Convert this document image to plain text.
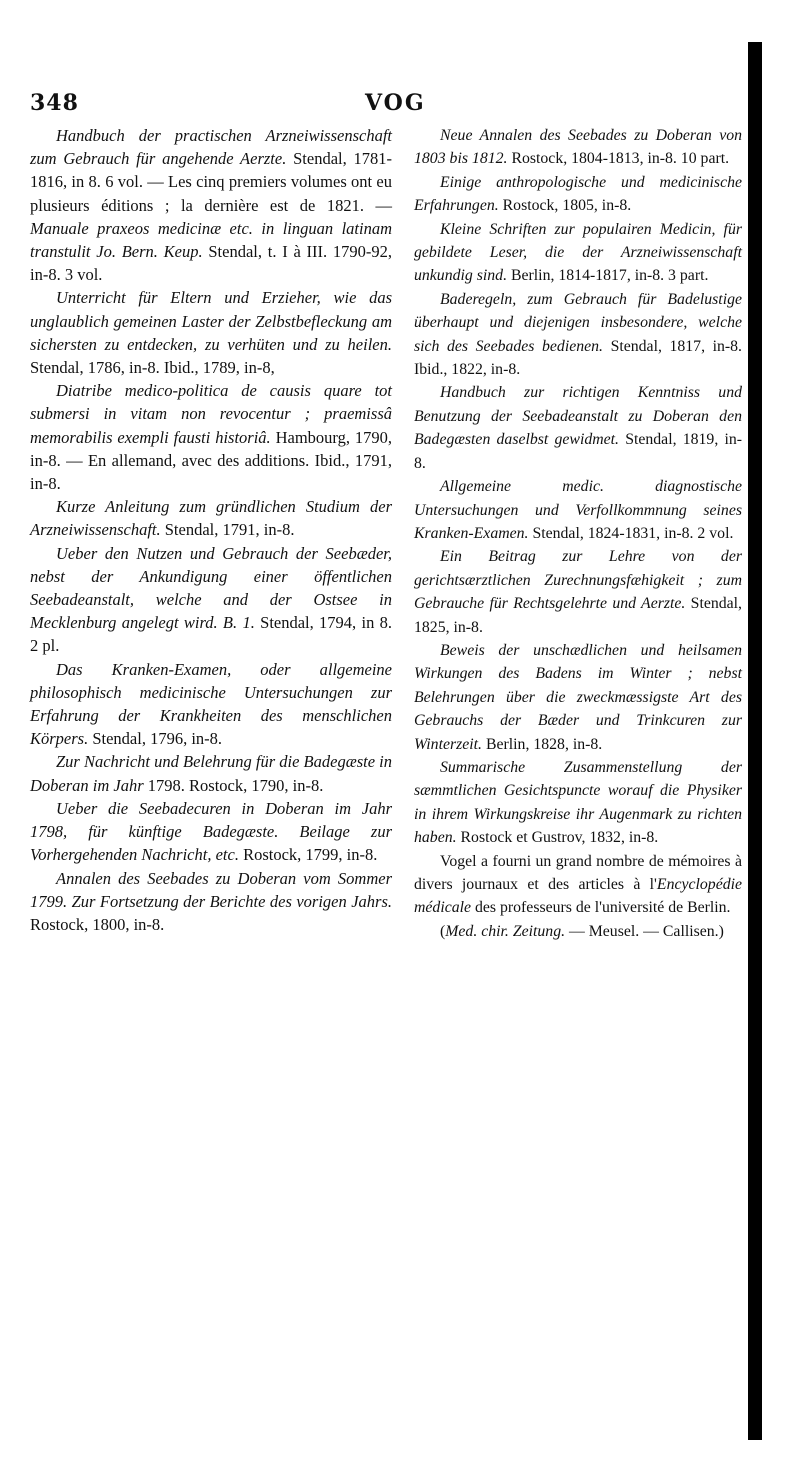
348	VOG

Handbuch der practischen Arzneiwissenschaft zum Gebrauch für angehende Aerzte. Stendal, 1781-1816, in 8. 6 vol. — Les cinq premiers volumes ont eu plusieurs éditions ; la dernière est de 1821. — Manuale praxeos medicinæ etc. in linguan latinam transtulit Jo. Bern. Keup. Stendal, t. I à III. 1790-92, in-8. 3 vol.

Unterricht für Eltern und Erzieher, wie das unglaublich gemeinen Laster der Zelbstbefleckung am sichersten zu entdecken, zu verhüten und zu heilen. Stendal, 1786, in-8. Ibid., 1789, in-8,

Diatribe medico-politica de causis quare tot submersi in vitam non revocentur ; praemissâ memorabilis exempli fausti historiâ. Hambourg, 1790, in-8. — En allemand, avec des additions. Ibid., 1791, in-8.

Kurze Anleitung zum gründlichen Studium der Arzneiwissenschaft. Stendal, 1791, in-8.

Ueber den Nutzen und Gebrauch der Seebæder, nebst der Ankundigung einer öffentlichen Seebadeanstalt, welche and der Ostsee in Mecklenburg angelegt wird. B. 1. Stendal, 1794, in 8. 2 pl.

Das Kranken-Examen, oder allgemeine philosophisch medicinische Untersuchungen zur Erfahrung der Krankheiten des menschlichen Körpers. Stendal, 1796, in-8.

Zur Nachricht und Belehrung für die Badegæste in Doberan im Jahr 1798. Rostock, 1790, in-8.

Ueber die Seebadecuren in Doberan im Jahr 1798, für künftige Badegæste. Beilage zur Vorhergehenden Nachricht, etc. Rostock, 1799, in-8.

Annalen des Seebades zu Doberan vom Sommer 1799. Zur Fortsetzung der Berichte des vorigen Jahrs. Rostock, 1800, in-8.

Neue Annalen des Seebades zu Doberan von 1803 bis 1812. Rostock, 1804-1813, in-8. 10 part.

Einige anthropologische und medicinische Erfahrungen. Rostock, 1805, in-8.

Kleine Schriften zur populairen Medicin, für gebildete Leser, die der Arzneiwissenschaft unkundig sind. Berlin, 1814-1817, in-8. 3 part.

Baderegeln, zum Gebrauch für Badelustige überhaupt und diejenigen insbesondere, welche sich des Seebades bedienen. Stendal, 1817, in-8. Ibid., 1822, in-8.

Handbuch zur richtigen Kenntniss und Benutzung der Seebadeanstalt zu Doberan den Badegæsten daselbst gewidmet. Stendal, 1819, in-8.

Allgemeine medic. diagnostische Untersuchungen und Verfollkommnung seines Kranken-Examen. Stendal, 1824-1831, in-8. 2 vol.

Ein Beitrag zur Lehre von der gerichtsærztlichen Zurechnungsfæhigkeit ; zum Gebrauche für Rechtsgelehrte und Aerzte. Stendal, 1825, in-8.

Beweis der unschædlichen und heilsamen Wirkungen des Badens im Winter ; nebst Belehrungen über die zweckmæssigste Art des Gebrauchs der Bæder und Trinkcuren zur Winterzeit. Berlin, 1828, in-8.

Summarische Zusammenstellung der sæmmtlichen Gesichtspuncte worauf die Physiker in ihrem Wirkungskreise ihr Augenmark zu richten haben. Rostock et Gustrov, 1832, in-8.

Vogel a fourni un grand nombre de mémoires à divers journaux et des articles à l'Encyclopédie médicale des professeurs de l'université de Berlin.

(Med. chir. Zeitung. — Meusel. — Callisen.)
